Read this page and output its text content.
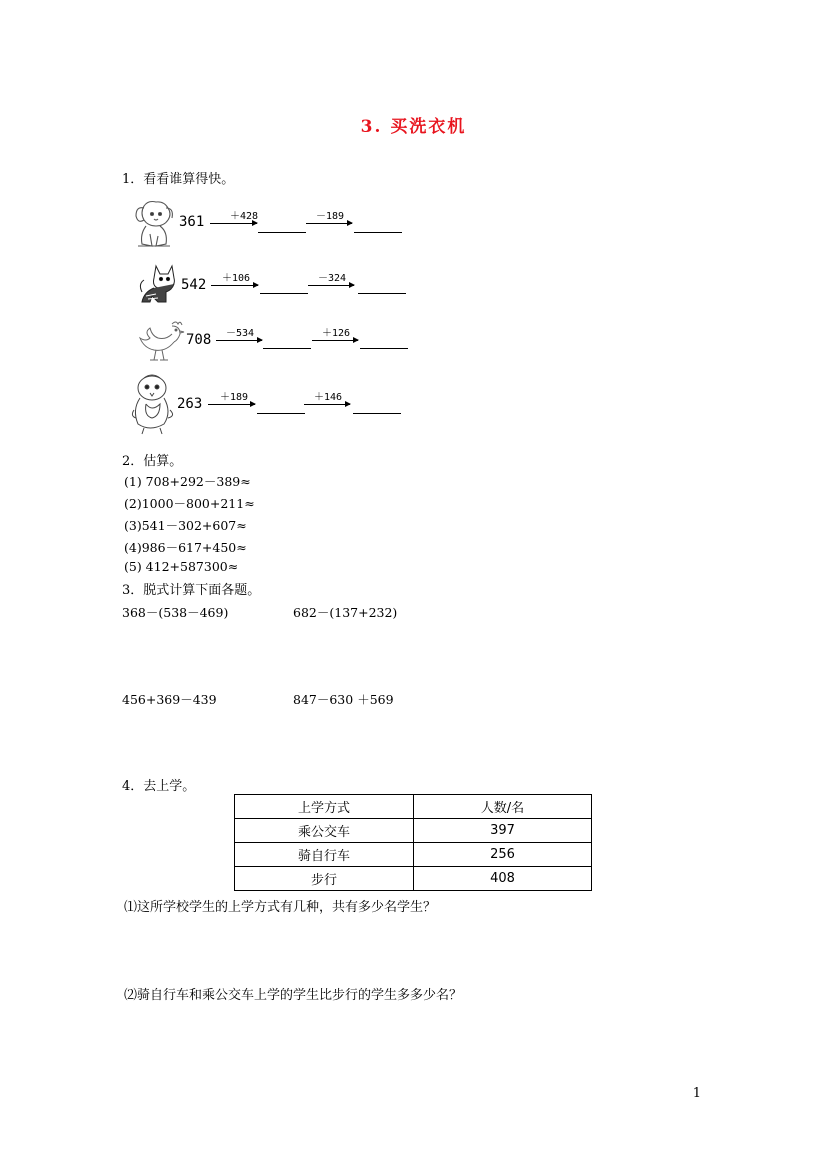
3. 买洗衣机
1．看看谁算得快。
361	＋428	－189
542 ＋106	－324
708 －534	＋126
263 ＋189	＋146
2．估算。
(1) 708+292－389≈
(2)1000－800+211≈
(3)541－302+607≈
(4)986－617+450≈
(5) 412+587300≈
3．脱式计算下面各题。
368－(538－469)	682－(137+232)
456+369－439	847－630 ＋569
4．去上学。
上学方式	人数/名
乘公交车	397
骑自行车	256
步行	408
⑴这所学校学生的上学方式有几种，共有多少名学生？
⑵骑自行车和乘公交车上学的学生比步行的学生多多少名？
1
